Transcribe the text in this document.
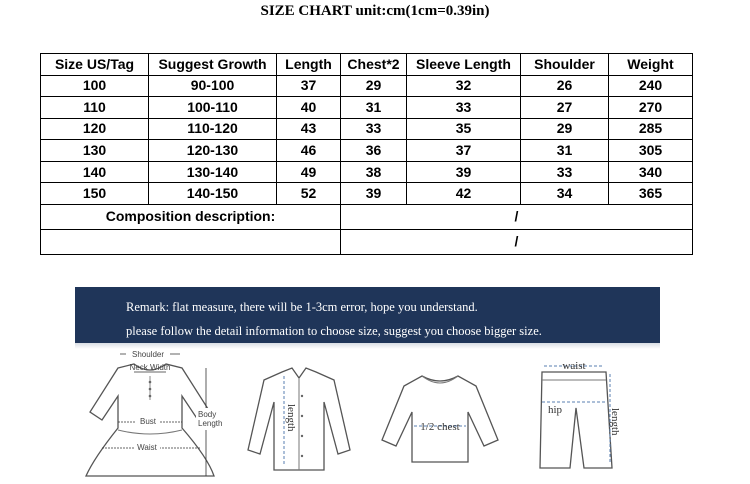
SIZE CHART unit:cm(1cm=0.39in)
Size US/Tag	Suggest Growth	Length	Chest*2	Sleeve Length	Shoulder	Weight
100	90-100	37	29	32	26	240
110	100-110	40	31	33	27	270
120	110-120	43	33	35	29	285
130	120-130	46	36	37	31	305
140	130-140	49	38	39	33	340
150	140-150	52	39	42	34	365
Composition description:			/			
			/			
Remark: flat measure, there will be 1-3cm error, hope you understand.
please follow the detail information to choose size, suggest you choose bigger size.
Shoulder
Neck Width
Bust
Waist
Body Length	length	1/2 chest
waist
hip	length
